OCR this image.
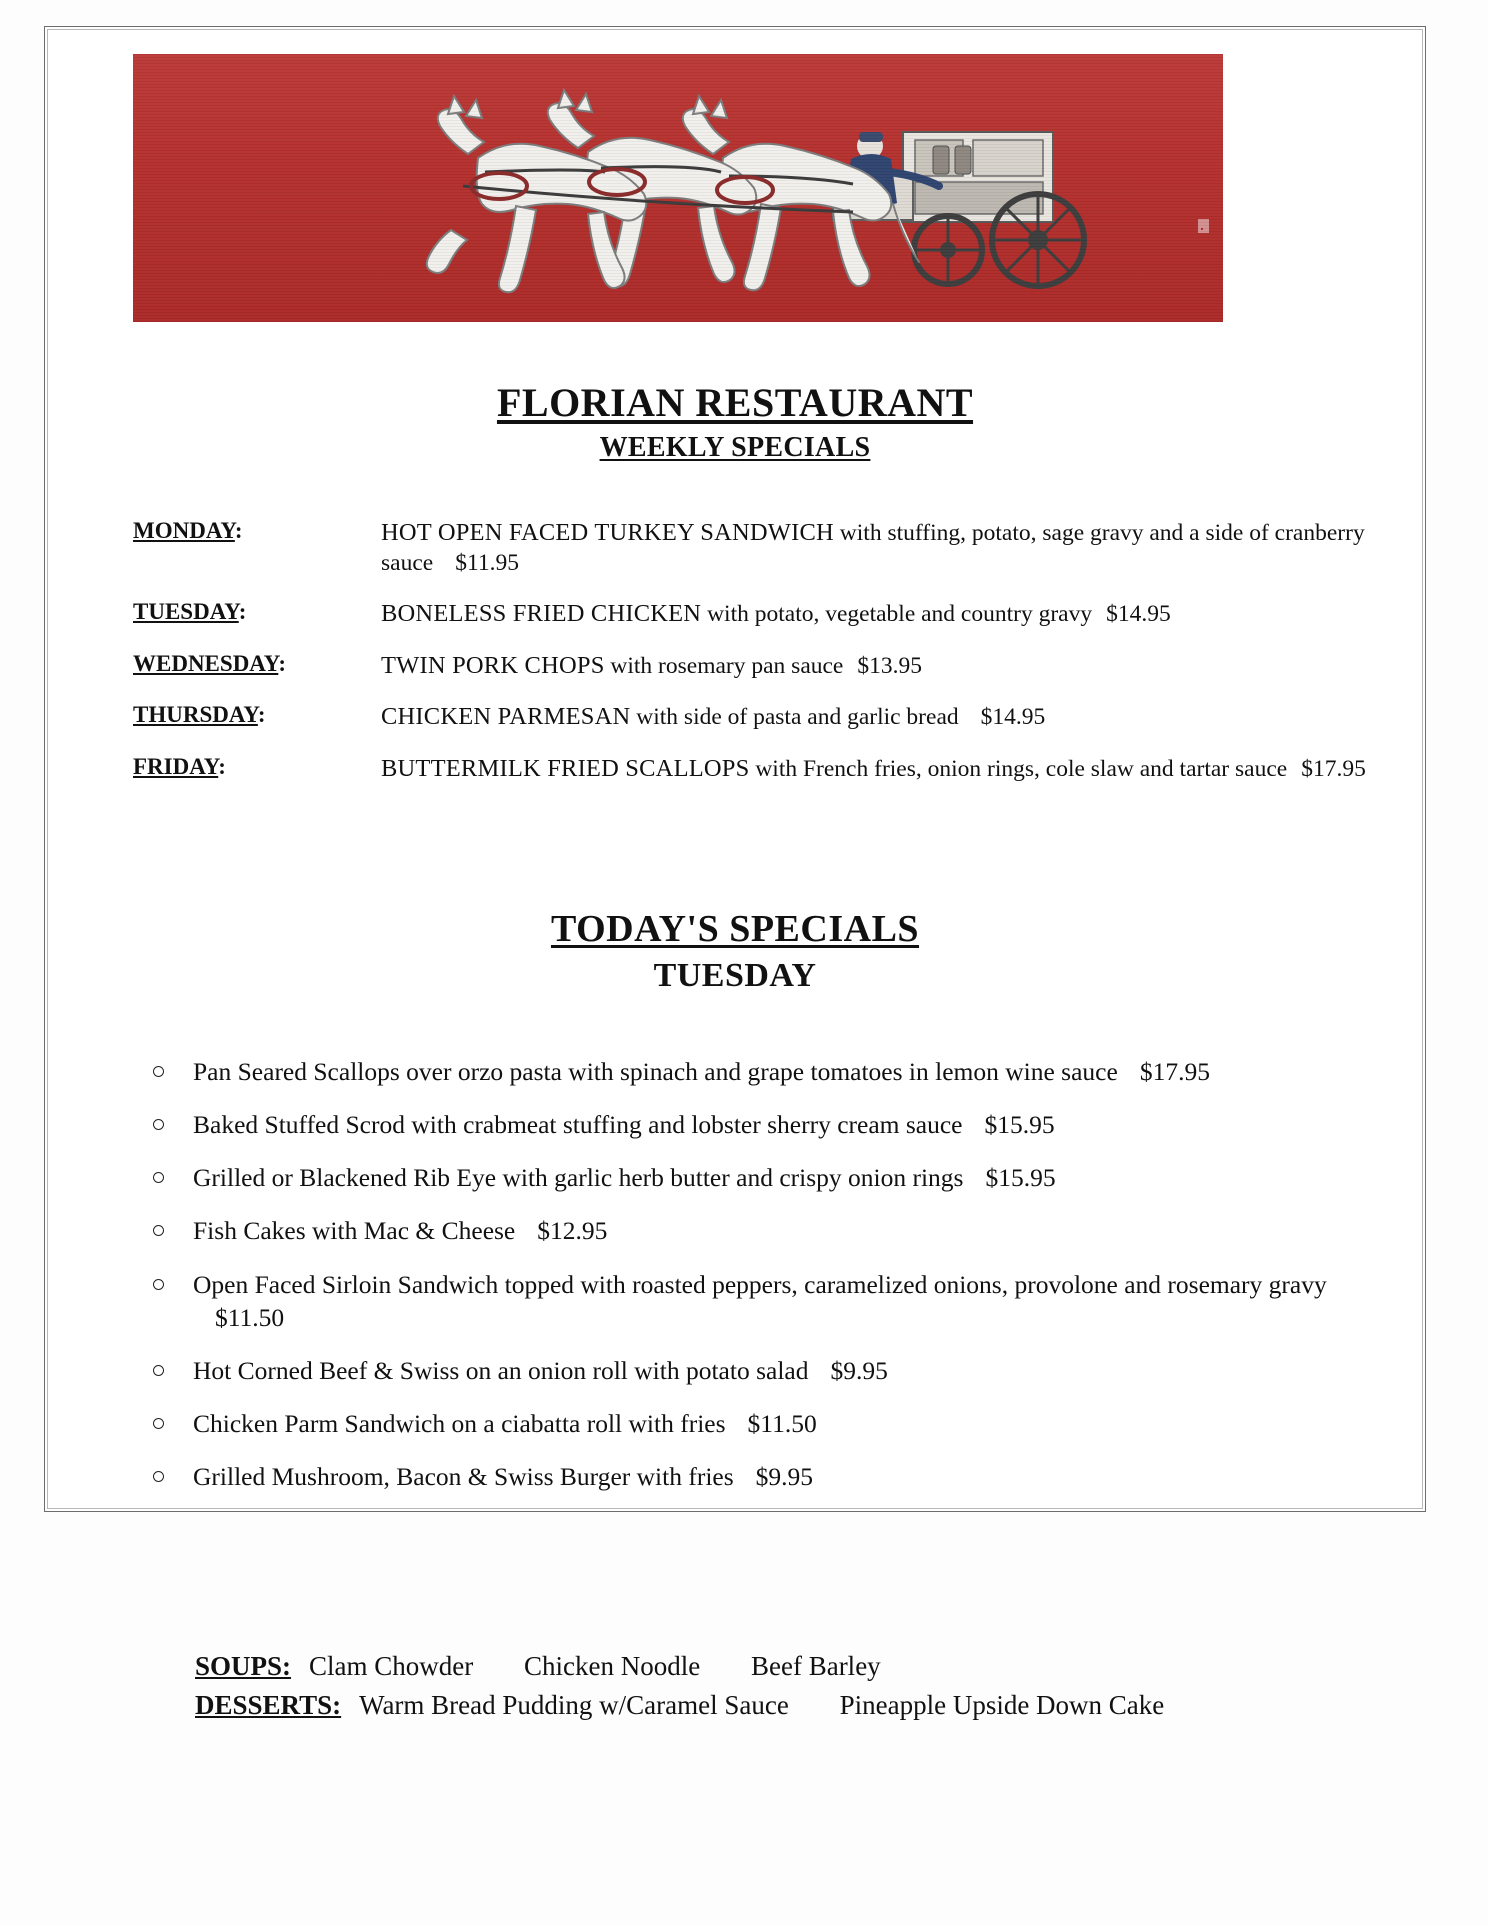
FLORIAN RESTAURANT
WEEKLY SPECIALS
MONDAY:	HOT OPEN FACED TURKEY SANDWICH with stuffing, potato, sage gravy and a side of cranberry sauce $11.95
TUESDAY:	BONELESS FRIED CHICKEN with potato, vegetable and country gravy $14.95
WEDNESDAY:	TWIN PORK CHOPS with rosemary pan sauce $13.95
THURSDAY:	CHICKEN PARMESAN with side of pasta and garlic bread $14.95
FRIDAY:	BUTTERMILK FRIED SCALLOPS with French fries, onion rings, cole slaw and tartar sauce $17.95
TODAY'S SPECIALS
TUESDAY
Pan Seared Scallops over orzo pasta with spinach and grape tomatoes in lemon wine sauce $17.95
Baked Stuffed Scrod with crabmeat stuffing and lobster sherry cream sauce $15.95
Grilled or Blackened Rib Eye with garlic herb butter and crispy onion rings $15.95
Fish Cakes with Mac & Cheese $12.95
Open Faced Sirloin Sandwich topped with roasted peppers, caramelized onions, provolone and rosemary gravy$11.50
Hot Corned Beef & Swiss on an onion roll with potato salad $9.95
Chicken Parm Sandwich on a ciabatta roll with fries $11.50
Grilled Mushroom, Bacon & Swiss Burger with fries $9.95
SOUPS: Clam Chowder Chicken Noodle Beef Barley
DESSERTS: Warm Bread Pudding w/Caramel Sauce Pineapple Upside Down Cake
